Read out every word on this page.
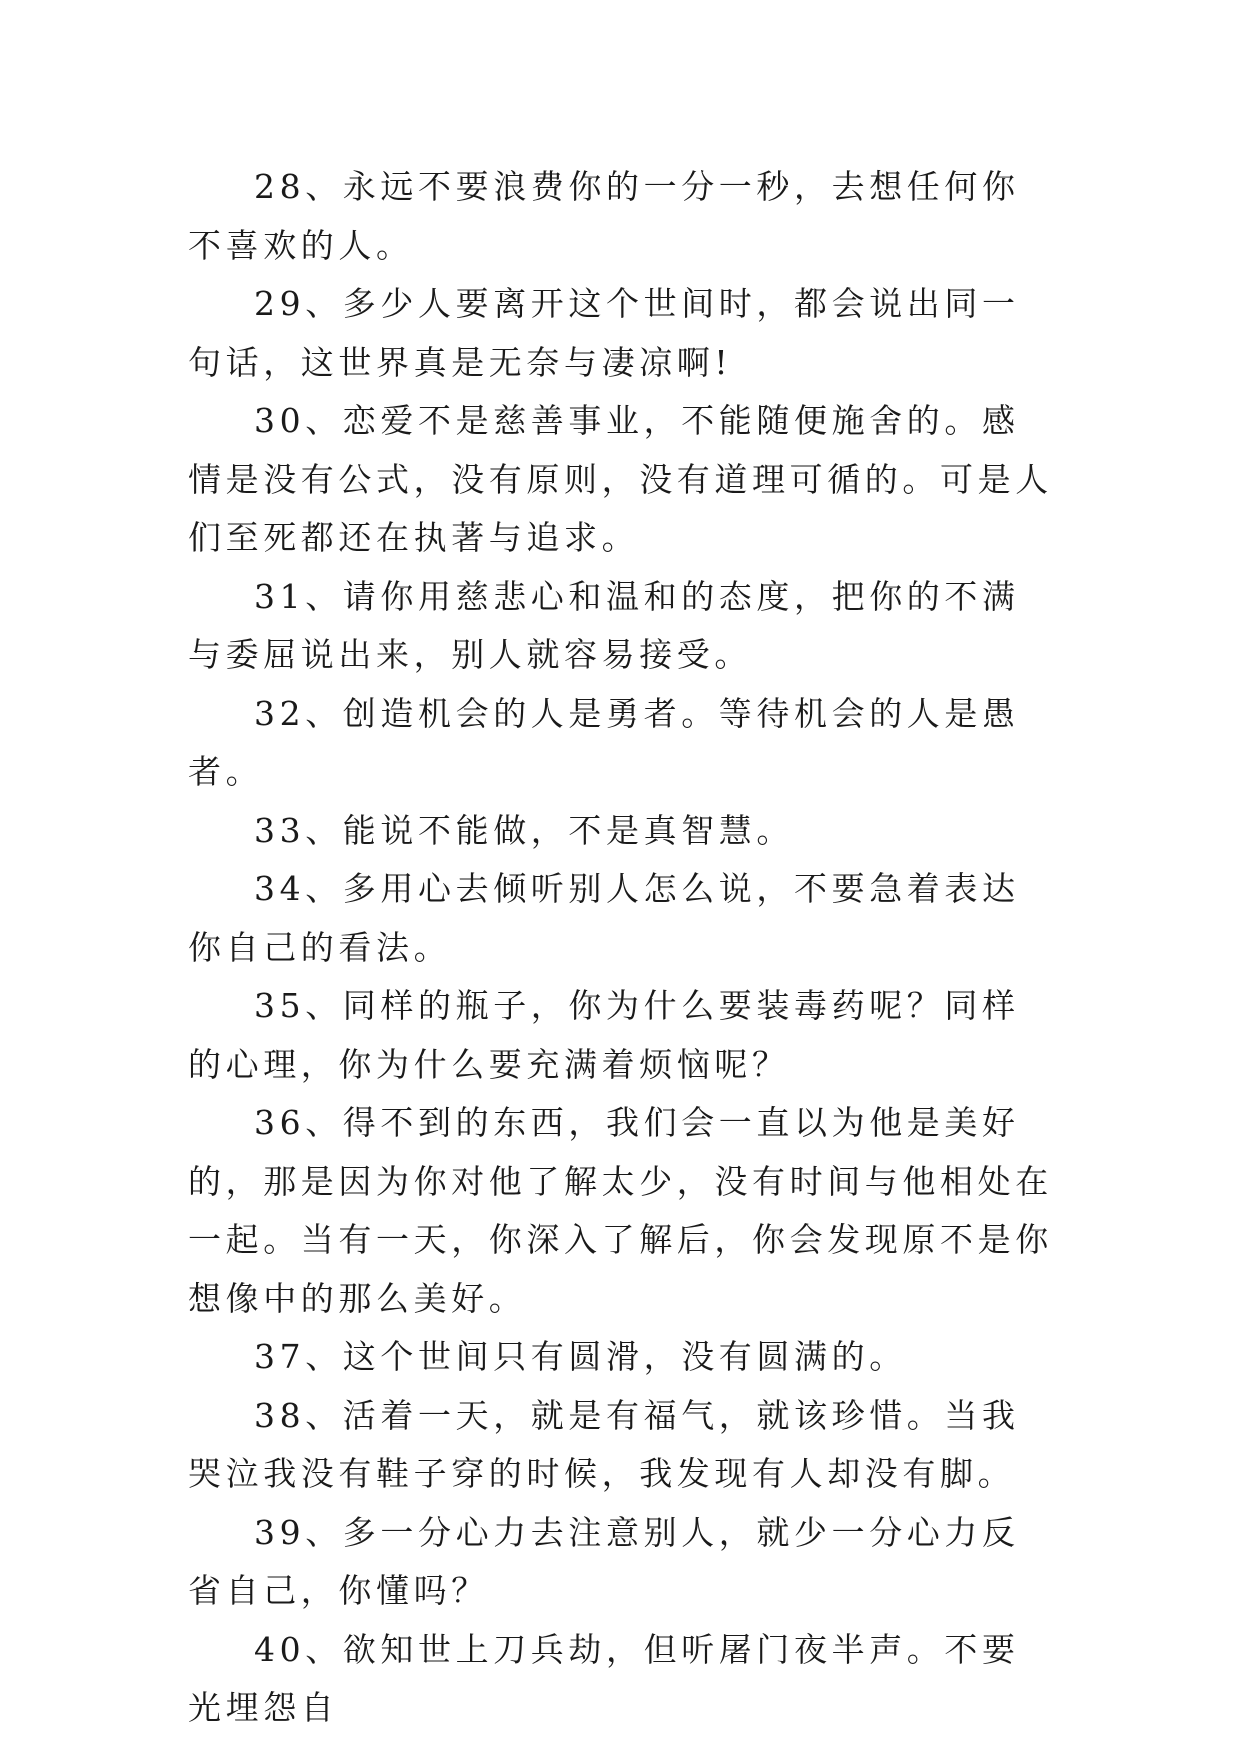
28、永远不要浪费你的一分一秒，去想任何你不喜欢的人。

29、多少人要离开这个世间时，都会说出同一句话，这世界真是无奈与凄凉啊!

30、恋爱不是慈善事业，不能随便施舍的。感情是没有公式，没有原则，没有道理可循的。可是人们至死都还在执著与追求。

31、请你用慈悲心和温和的态度，把你的不满与委屈说出来，别人就容易接受。

32、创造机会的人是勇者。等待机会的人是愚者。

33、能说不能做，不是真智慧。

34、多用心去倾听别人怎么说，不要急着表达你自己的看法。

35、同样的瓶子，你为什么要装毒药呢？同样的心理，你为什么要充满着烦恼呢？

36、得不到的东西，我们会一直以为他是美好的，那是因为你对他了解太少，没有时间与他相处在一起。当有一天，你深入了解后，你会发现原不是你想像中的那么美好。

37、这个世间只有圆滑，没有圆满的。

38、活着一天，就是有福气，就该珍惜。当我哭泣我没有鞋子穿的时候，我发现有人却没有脚。

39、多一分心力去注意别人，就少一分心力反省自己，你懂吗？

40、欲知世上刀兵劫，但听屠门夜半声。不要光埋怨自
